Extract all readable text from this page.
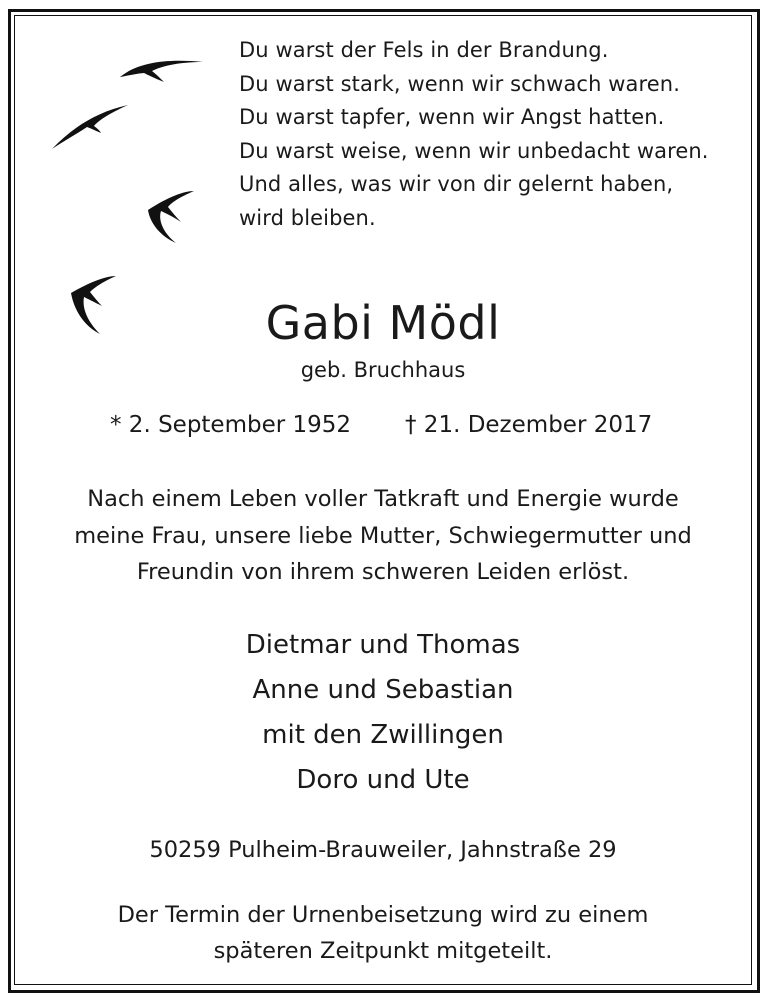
Du warst der Fels in der Brandung.
Du warst stark, wenn wir schwach waren.
Du warst tapfer, wenn wir Angst hatten.
Du warst weise, wenn wir unbedacht waren.
Und alles, was wir von dir gelernt haben,
wird bleiben.
Gabi Mödl
geb. Bruchhaus
* 2. September 1952 † 21. Dezember 2017
Nach einem Leben voller Tatkraft und Energie wurde
meine Frau, unsere liebe Mutter, Schwiegermutter und
Freundin von ihrem schweren Leiden erlöst.
Dietmar und Thomas
Anne und Sebastian
mit den Zwillingen
Doro und Ute
50259 Pulheim-Brauweiler, Jahnstraße 29
Der Termin der Urnenbeisetzung wird zu einem
späteren Zeitpunkt mitgeteilt.
